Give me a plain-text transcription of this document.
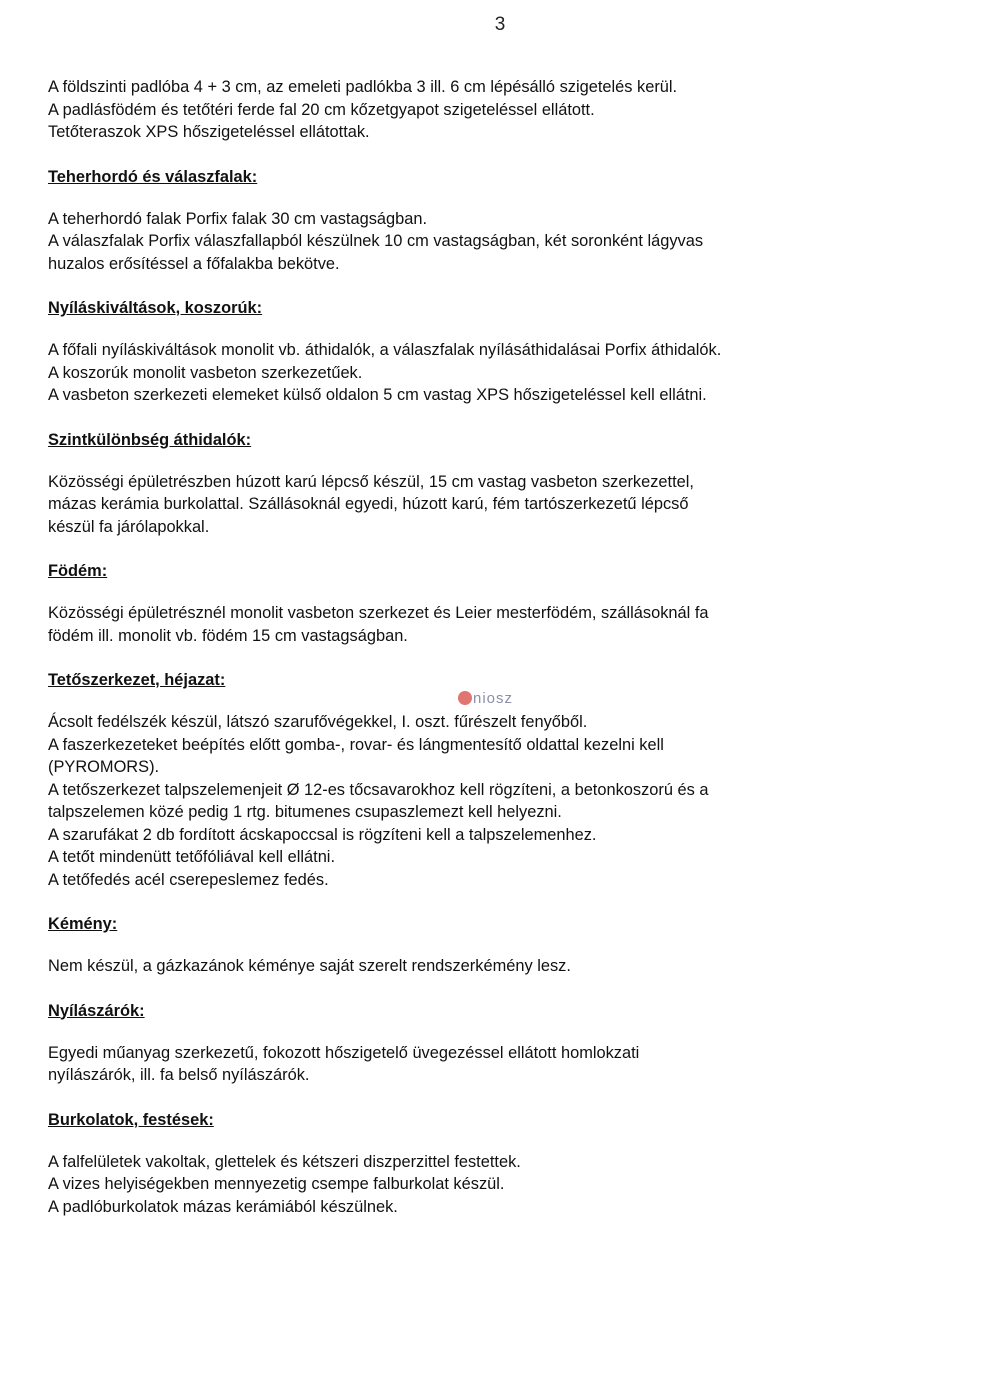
3

A földszinti padlóba 4 + 3 cm, az emeleti padlókba 3 ill. 6 cm lépésálló szigetelés kerül.
A padlásfödém és tetőtéri ferde fal 20 cm kőzetgyapot szigeteléssel ellátott.
Tetőteraszok XPS hőszigeteléssel ellátottak.

Teherhordó és válaszfalak:

A teherhordó falak Porfix falak 30 cm vastagságban.
A válaszfalak Porfix válaszfallapból készülnek 10 cm vastagságban, két soronként lágyvas
huzalos erősítéssel a főfalakba bekötve.

Nyíláskiváltások, koszorúk:

A főfali nyíláskiváltások monolit vb. áthidalók, a válaszfalak nyílásáthidalásai Porfix áthidalók.
A koszorúk monolit vasbeton szerkezetűek.
A vasbeton szerkezeti elemeket külső oldalon 5 cm vastag XPS hőszigeteléssel kell ellátni.

Szintkülönbség áthidalók:

Közösségi épületrészben húzott karú lépcső készül, 15 cm vastag vasbeton szerkezettel,
mázas kerámia burkolattal. Szállásoknál egyedi, húzott karú, fém tartószerkezetű lépcső
készül fa járólapokkal.

Födém:

Közösségi épületrésznél monolit vasbeton szerkezet és Leier mesterfödém, szállásoknál fa
födém ill. monolit vb. födém 15 cm vastagságban.

Tetőszerkezet, héjazat:

Ácsolt fedélszék készül, látszó szarufővégekkel, I. oszt. fűrészelt fenyőből.
A faszerkezeteket beépítés előtt gomba-, rovar- és lángmentesítő oldattal kezelni kell
(PYROMORS).
A tetőszerkezet talpszelemenjeit Ø 12-es tőcsavarokhoz kell rögzíteni, a betonkoszorú és a
talpszelemen közé pedig 1 rtg. bitumenes csupaszlemezt kell helyezni.
A szarufákat 2 db fordított ácskapoccsal is rögzíteni kell a talpszelemenhez.
A tetőt mindenütt tetőfóliával kell ellátni.
A tetőfedés acél cserepeslemez fedés.

Kémény:

Nem készül, a gázkazánok kéménye saját szerelt rendszerkémény lesz.

Nyílászárók:

Egyedi műanyag szerkezetű, fokozott hőszigetelő üvegezéssel ellátott homlokzati
nyílászárók, ill. fa belső nyílászárók.

Burkolatok, festések:

A falfelületek vakoltak, glettelek és kétszeri diszperzittel festettek.
A vizes helyiségekben mennyezetig csempe falburkolat készül.
A padlóburkolatok mázas kerámiából készülnek.

niosz
